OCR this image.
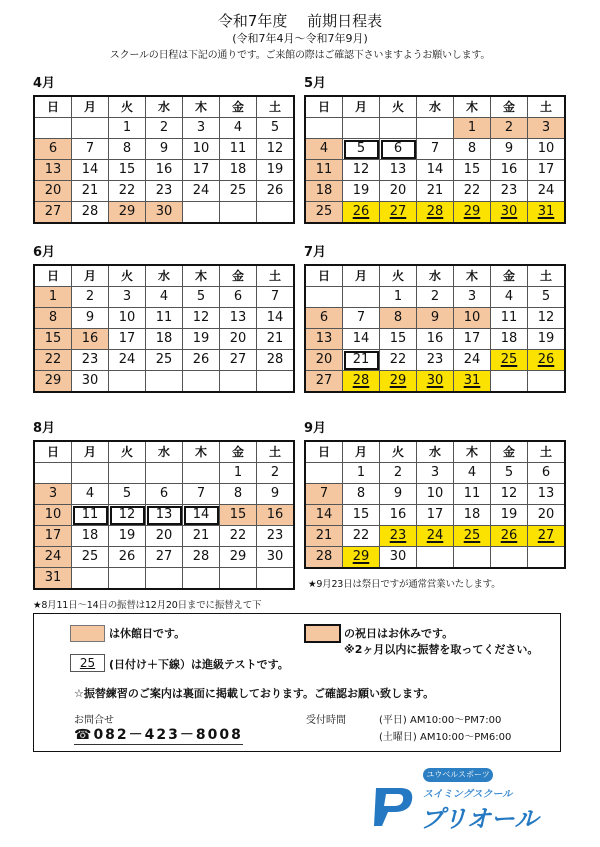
令和7年度　 前期日程表
(令和7年4月～令和7年9月)
スクールの日程は下記の通りです。ご来館の際はご確認下さいますようお願いします。
4月
日	月	火	水	木	金	土
		1	2	3	4	5
6	7	8	9	10	11	12
13	14	15	16	17	18	19
20	21	22	23	24	25	26
27	28	29	30			
5月
日	月	火	水	木	金	土
				1	2	3
4	5	6	7	8	9	10
11	12	13	14	15	16	17
18	19	20	21	22	23	24
25	26	27	28	29	30	31
6月
日	月	火	水	木	金	土
1	2	3	4	5	6	7
8	9	10	11	12	13	14
15	16	17	18	19	20	21
22	23	24	25	26	27	28
29	30					
7月
日	月	火	水	木	金	土
		1	2	3	4	5
6	7	8	9	10	11	12
13	14	15	16	17	18	19
20	21	22	23	24	25	26
27	28	29	30	31		
8月
日	月	火	水	木	金	土
					1	2
3	4	5	6	7	8	9
10	11	12	13	14	15	16
17	18	19	20	21	22	23
24	25	26	27	28	29	30
31						
9月
日	月	火	水	木	金	土
	1	2	3	4	5	6
7	8	9	10	11	12	13
14	15	16	17	18	19	20
21	22	23	24	25	26	27
28	29	30				
★8月11日～14日の振替は12月20日までに振替えて下
★9月23日は祭日ですが通常営業いたします。
は休館日です。	の祝日はお休みです。
※2ヶ月以内に振替を取ってください。
25	(日付け＋下線）は進級テストです。
☆振替練習のご案内は裏面に掲載しております。ご確認お願い致します。
お問合せ
☎082－423－8008
受付時間	(平日) AM10:00～PM7:00
(土曜日) AM10:00～PM6:00
ユウベルスポーツ
スイミングスクール
プリオール
